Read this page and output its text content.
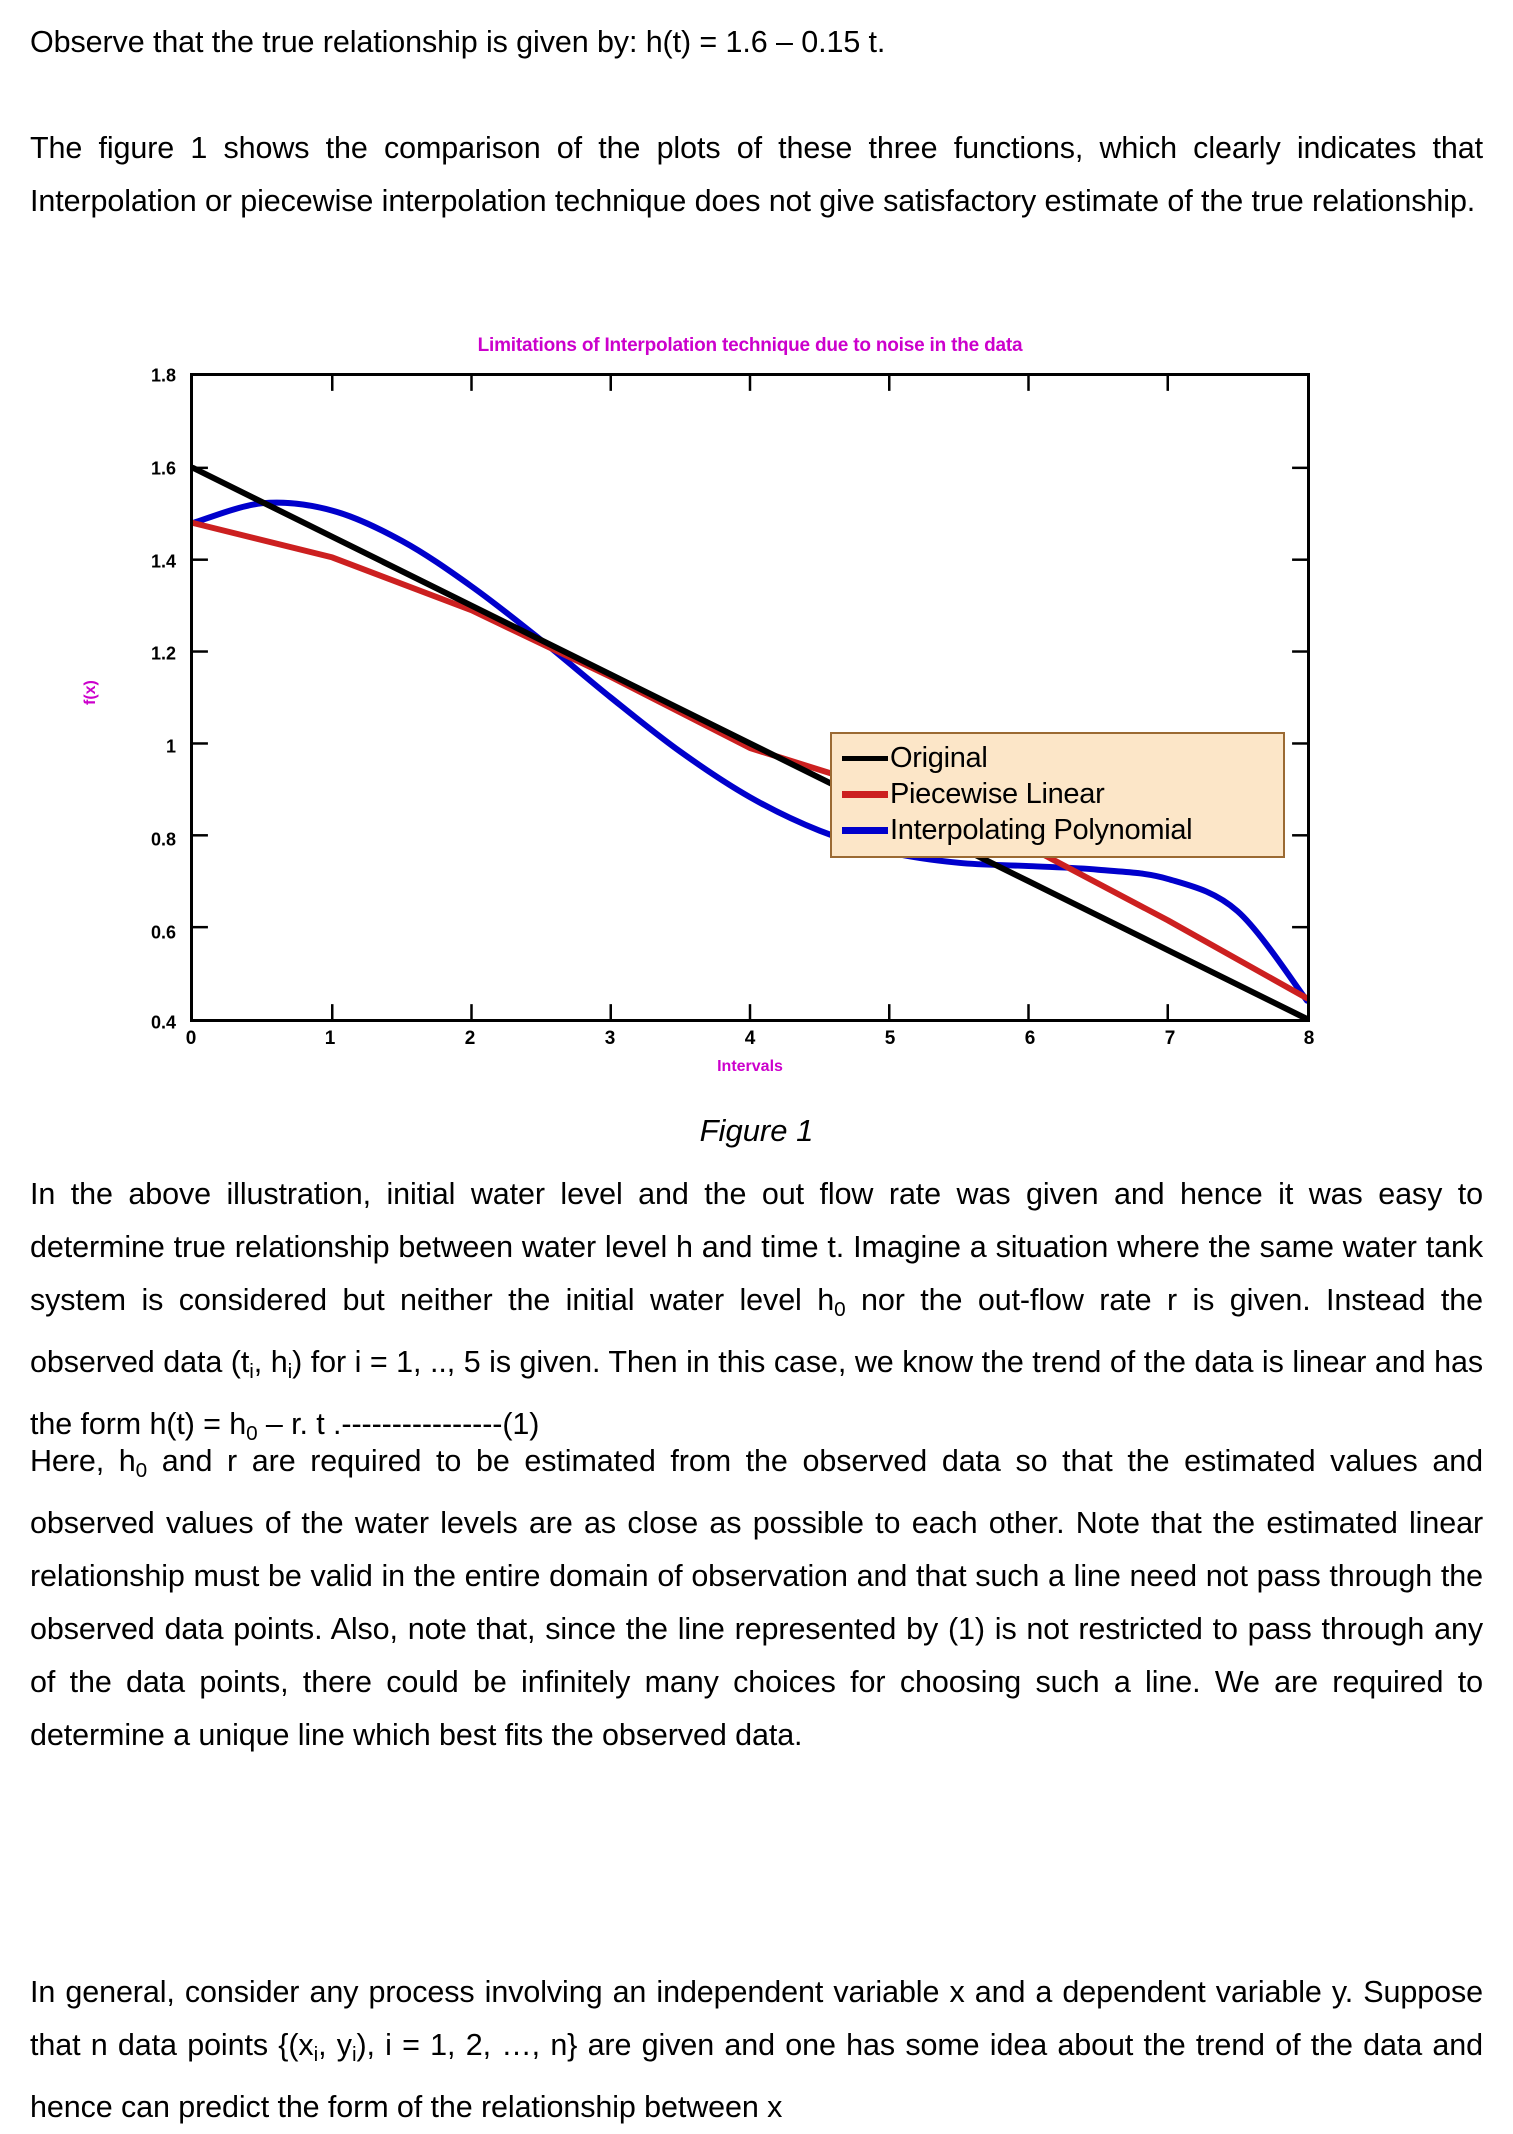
Observe that the true relationship is given by: h(t) = 1.6 – 0.15 t.
The figure 1 shows the comparison of the plots of these three functions, which clearly indicates that Interpolation or piecewise interpolation technique does not give satisfactory estimate of the true relationship.
Limitations of Interpolation technique due to noise in the data
f(x)
1.8
1.6
1.4
1.2
1
0.8
0.6
0.4
0	1	2	3	4	5	6	7	8
Intervals
Original
Piecewise Linear
Interpolating Polynomial
Figure 1
In the above illustration, initial water level and the out flow rate was given and hence it was easy to determine true relationship between water level h and time t. Imagine a situation where the same water tank system is considered but neither the initial water level $h_0$ nor the out-flow rate r is given. Instead the observed data ($t_i$, $h_i$) for i = 1, .., 5 is given. Then in this case, we know the trend of the data is linear and has the form $h(t) = h_0 - r$. t .----------------(1)
Here, $h_0$ and r are required to be estimated from the observed data so that the estimated values and observed values of the water levels are as close as possible to each other. Note that the estimated linear relationship must be valid in the entire domain of observation and that such a line need not pass through the observed data points. Also, note that, since the line represented by (1) is not restricted to pass through any of the data points, there could be infinitely many choices for choosing such a line. We are required to determine a unique line which best fits the observed data.
In general, consider any process involving an independent variable x and a dependent variable y. Suppose that n data points {($x_i$, $y_i$), i = 1, 2, …, n} are given and one has some idea about the trend of the data and hence can predict the form of the relationship between x
